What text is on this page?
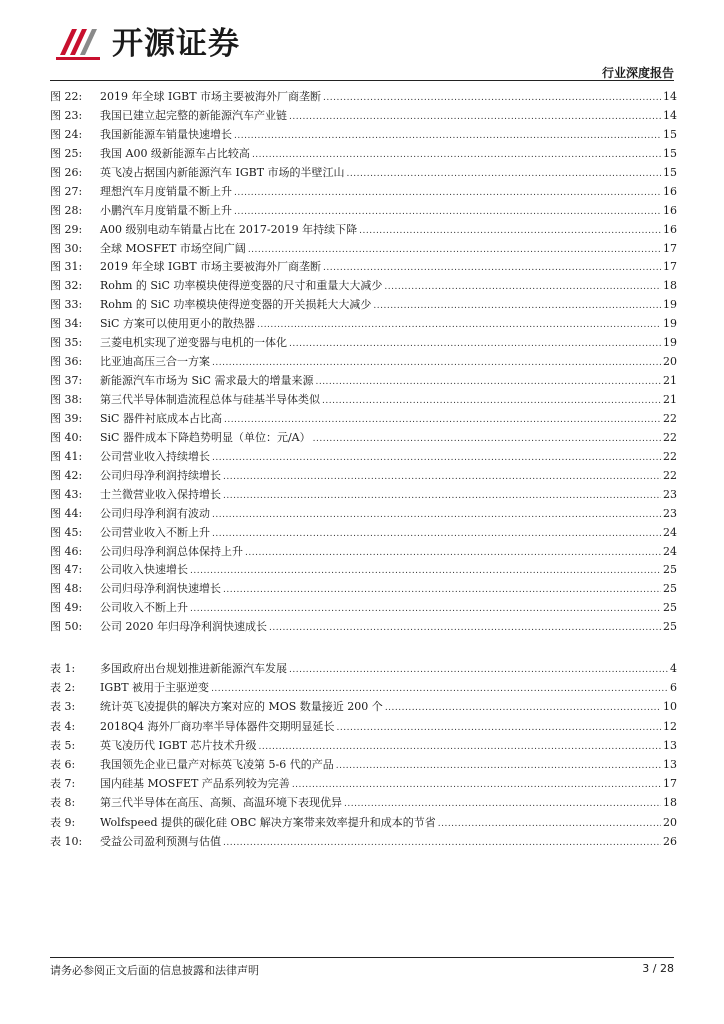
开源证券
行业深度报告
图 22:	2019 年全球 IGBT 市场主要被海外厂商垄断 .....	14
图 23:	我国已建立起完整的新能源汽车产业链 .....	14
图 24:	我国新能源车销量快速增长 .....	15
图 25:	我国 A00 级新能源车占比较高 .....	15
图 26:	英飞凌占据国内新能源汽车 IGBT 市场的半壁江山 .....	15
图 27:	理想汽车月度销量不断上升 .....	16
图 28:	小鹏汽车月度销量不断上升 .....	16
图 29:	A00 级别电动车销量占比在 2017-2019 年持续下降 .....	16
图 30:	全球 MOSFET 市场空间广阔 .....	17
图 31:	2019 年全球 IGBT 市场主要被海外厂商垄断 .....	17
图 32:	Rohm 的 SiC 功率模块使得逆变器的尺寸和重量大大减少 .....	18
图 33:	Rohm 的 SiC 功率模块使得逆变器的开关损耗大大减少 .....	19
图 34:	SiC 方案可以使用更小的散热器 .....	19
图 35:	三菱电机实现了逆变器与电机的一体化 .....	19
图 36:	比亚迪高压三合一方案 .....	20
图 37:	新能源汽车市场为 SiC 需求最大的增量来源 .....	21
图 38:	第三代半导体制造流程总体与硅基半导体类似 .....	21
图 39:	SiC 器件衬底成本占比高 .....	22
图 40:	SiC 器件成本下降趋势明显（单位：元/A） .....	22
图 41:	公司营业收入持续增长 .....	22
图 42:	公司归母净利润持续增长 .....	22
图 43:	士兰微营业收入保持增长 .....	23
图 44:	公司归母净利润有波动 .....	23
图 45:	公司营业收入不断上升 .....	24
图 46:	公司归母净利润总体保持上升 .....	24
图 47:	公司收入快速增长 .....	25
图 48:	公司归母净利润快速增长 .....	25
图 49:	公司收入不断上升 .....	25
图 50:	公司 2020 年归母净利润快速成长 .....	25
表 1:	多国政府出台规划推进新能源汽车发展 .....	4
表 2:	IGBT 被用于主驱逆变 .....	6
表 3:	统计英飞凌提供的解决方案对应的 MOS 数量接近 200 个 .....	10
表 4:	2018Q4 海外厂商功率半导体器件交期明显延长 .....	12
表 5:	英飞凌历代 IGBT 芯片技术升级 .....	13
表 6:	我国领先企业已量产对标英飞凌第 5-6 代的产品 .....	13
表 7:	国内硅基 MOSFET 产品系列较为完善 .....	17
表 8:	第三代半导体在高压、高频、高温环境下表现优异 .....	18
表 9:	Wolfspeed 提供的碳化硅 OBC 解决方案带来效率提升和成本的节省 .....	20
表 10:	受益公司盈利预测与估值 .....	26
请务必参阅正文后面的信息披露和法律声明	3 / 28
